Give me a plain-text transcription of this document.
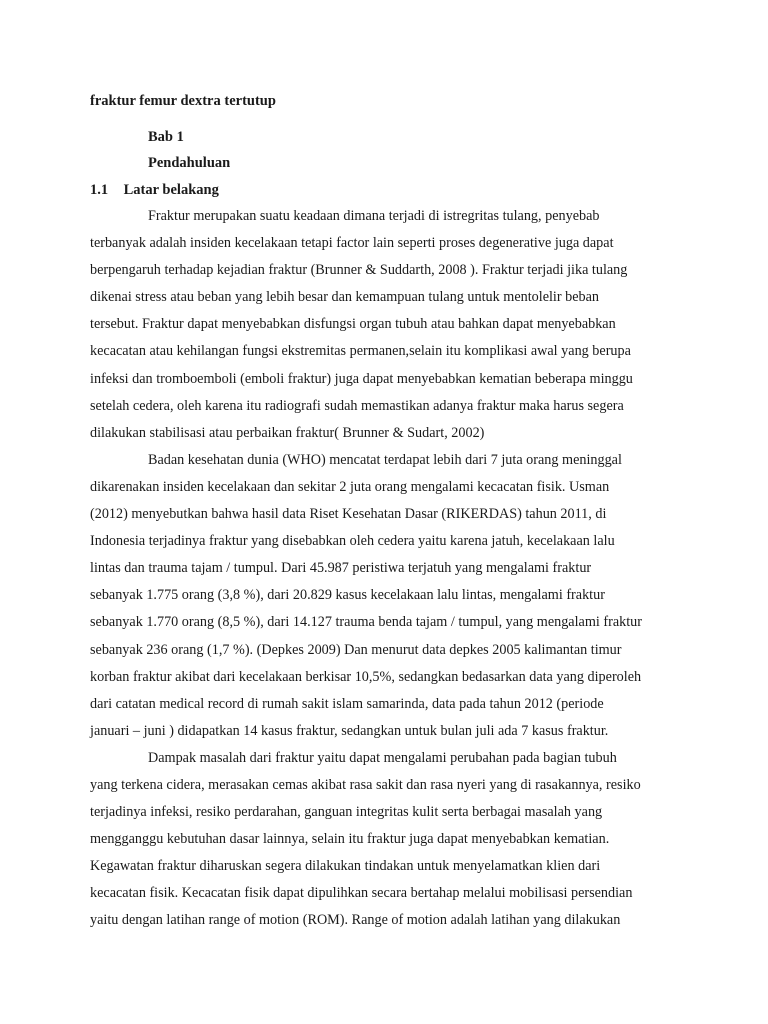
fraktur femur dextra tertutup
Bab 1
Pendahuluan
1.1 Latar belakang

Fraktur merupakan suatu keadaan dimana terjadi di istregritas tulang, penyebab
terbanyak adalah insiden kecelakaan tetapi factor lain seperti proses degenerative juga dapat
berpengaruh terhadap kejadian fraktur (Brunner & Suddarth, 2008 ). Fraktur terjadi jika tulang
dikenai stress atau beban yang lebih besar dan kemampuan tulang untuk mentolelir beban
tersebut. Fraktur dapat menyebabkan disfungsi organ tubuh atau bahkan dapat menyebabkan
kecacatan atau kehilangan fungsi ekstremitas permanen,selain itu komplikasi awal yang berupa
infeksi dan tromboemboli (emboli fraktur) juga dapat menyebabkan kematian beberapa minggu
setelah cedera, oleh karena itu radiografi sudah memastikan adanya fraktur maka harus segera
dilakukan stabilisasi atau perbaikan fraktur( Brunner & Sudart, 2002)

Badan kesehatan dunia (WHO) mencatat terdapat lebih dari 7 juta orang meninggal
dikarenakan insiden kecelakaan dan sekitar 2 juta orang mengalami kecacatan fisik. Usman
(2012) menyebutkan bahwa hasil data Riset Kesehatan Dasar (RIKERDAS) tahun 2011, di
Indonesia terjadinya fraktur yang disebabkan oleh cedera yaitu karena jatuh, kecelakaan lalu
lintas dan trauma tajam / tumpul. Dari 45.987 peristiwa terjatuh yang mengalami fraktur
sebanyak 1.775 orang (3,8 %), dari 20.829 kasus kecelakaan lalu lintas, mengalami fraktur
sebanyak 1.770 orang (8,5 %), dari 14.127 trauma benda tajam / tumpul, yang mengalami fraktur
sebanyak 236 orang (1,7 %). (Depkes 2009) Dan menurut data depkes 2005 kalimantan timur
korban fraktur akibat dari kecelakaan berkisar 10,5%, sedangkan bedasarkan data yang diperoleh
dari catatan medical record di rumah sakit islam samarinda, data pada tahun 2012 (periode
januari – juni ) didapatkan 14 kasus fraktur, sedangkan untuk bulan juli ada 7 kasus fraktur.

Dampak masalah dari fraktur yaitu dapat mengalami perubahan pada bagian tubuh
yang terkena cidera, merasakan cemas akibat rasa sakit dan rasa nyeri yang di rasakannya, resiko
terjadinya infeksi, resiko perdarahan, ganguan integritas kulit serta berbagai masalah yang
mengganggu kebutuhan dasar lainnya, selain itu fraktur juga dapat menyebabkan kematian.
Kegawatan fraktur diharuskan segera dilakukan tindakan untuk menyelamatkan klien dari
kecacatan fisik. Kecacatan fisik dapat dipulihkan secara bertahap melalui mobilisasi persendian
yaitu dengan latihan range of motion (ROM). Range of motion adalah latihan yang dilakukan
